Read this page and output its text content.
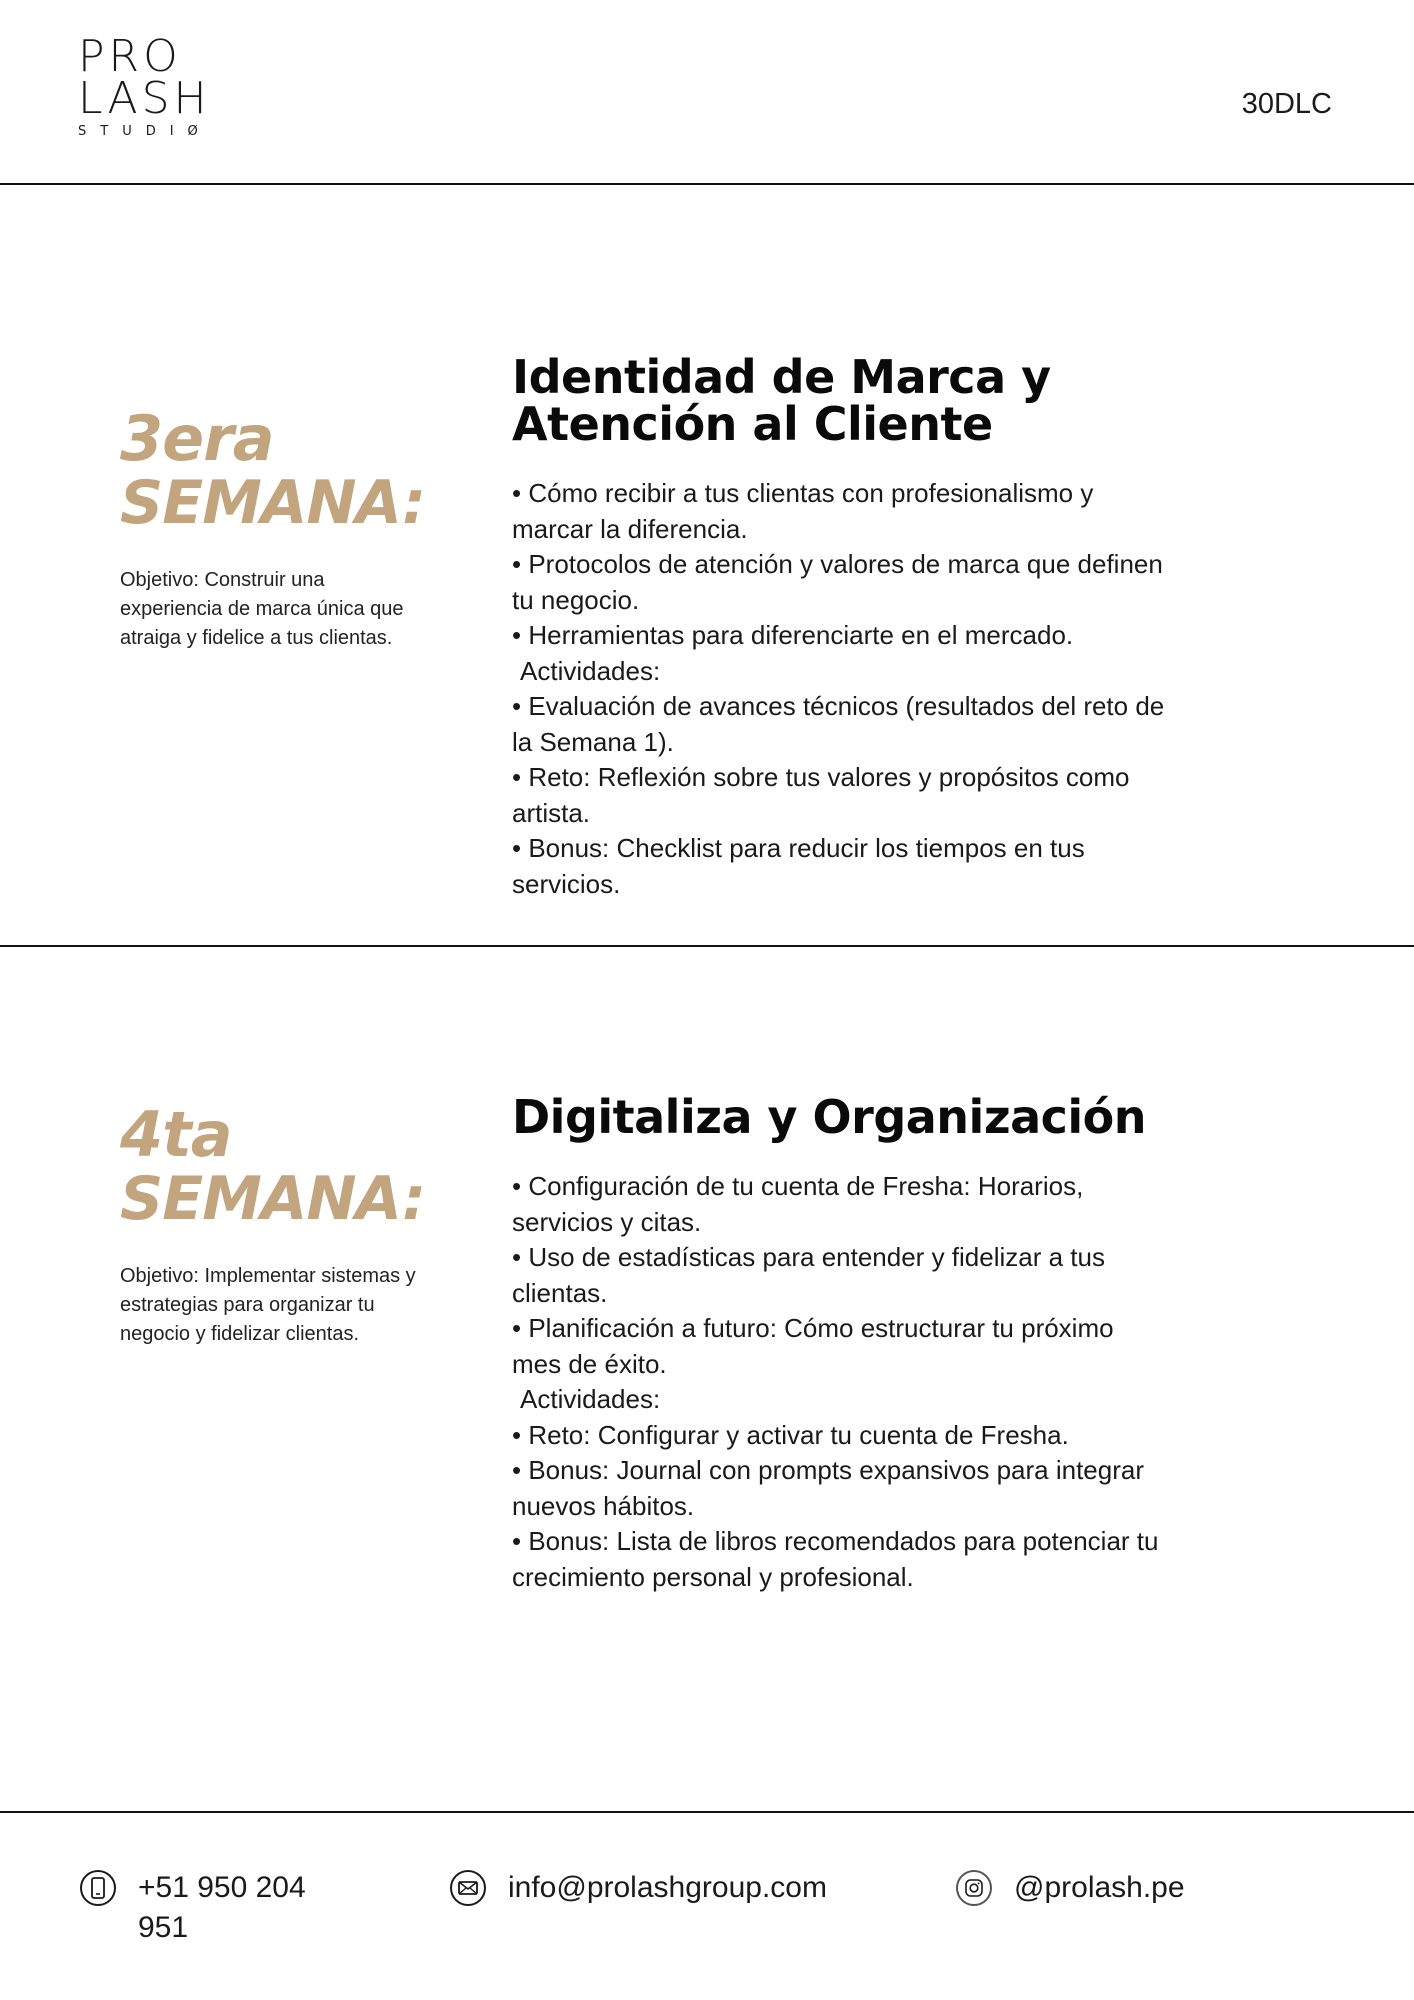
PRO
LASH
STUDIØ
30DLC
3era
SEMANA:
Objetivo: Construir una experiencia de marca única que atraiga y fidelice a tus clientas.
Identidad de Marca y
Atención al Cliente
• Cómo recibir a tus clientas con profesionalismo y
marcar la diferencia.
• Protocolos de atención y valores de marca que definen
tu negocio.
• Herramientas para diferenciarte en el mercado.
Actividades:
• Evaluación de avances técnicos (resultados del reto de
la Semana 1).
• Reto: Reflexión sobre tus valores y propósitos como
artista.
• Bonus: Checklist para reducir los tiempos en tus
servicios.
4ta
SEMANA:
Objetivo: Implementar sistemas y estrategias para organizar tu negocio y fidelizar clientas.
Digitaliza y Organización
• Configuración de tu cuenta de Fresha: Horarios,
servicios y citas.
• Uso de estadísticas para entender y fidelizar a tus
clientas.
• Planificación a futuro: Cómo estructurar tu próximo
mes de éxito.
Actividades:
• Reto: Configurar y activar tu cuenta de Fresha.
• Bonus: Journal con prompts expansivos para integrar
nuevos hábitos.
• Bonus: Lista de libros recomendados para potenciar tu
crecimiento personal y profesional.
+51 950 204
951
info@prolashgroup.com	@prolash.pe
